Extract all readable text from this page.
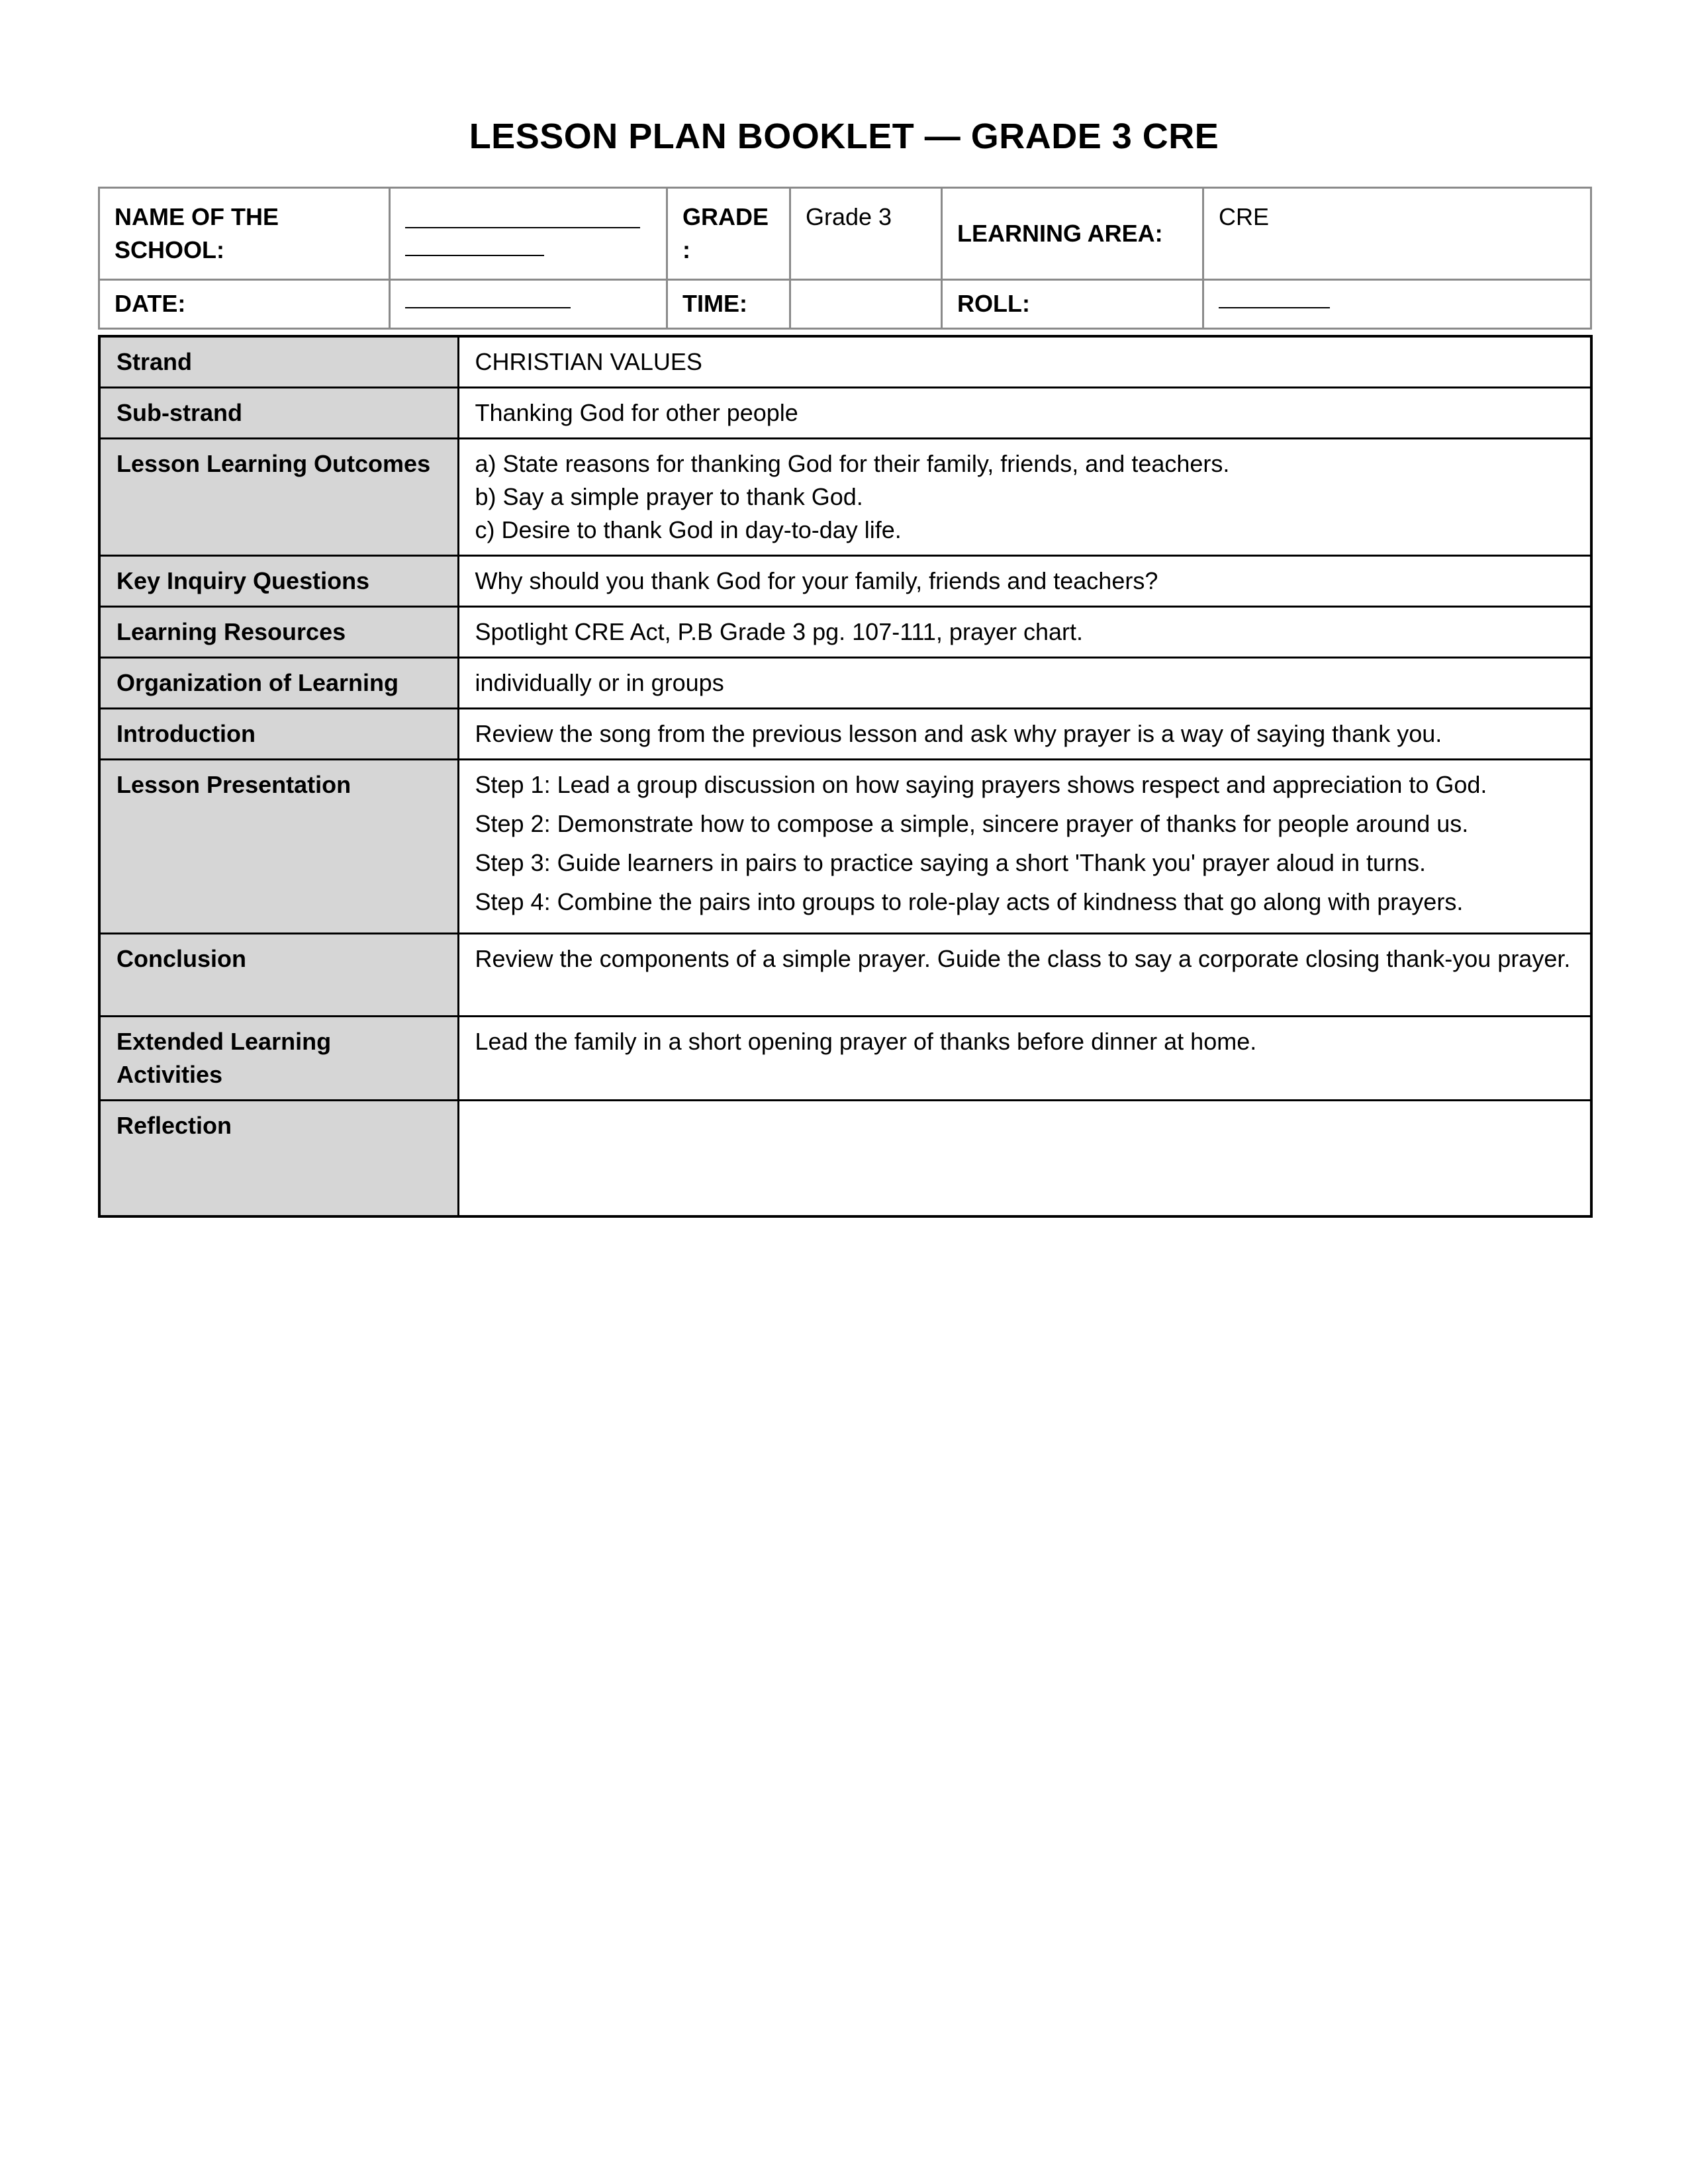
LESSON PLAN BOOKLET — GRADE 3 CRE
NAME OF THE SCHOOL:		GRADE :	Grade 3	LEARNING AREA:	CRE
DATE:		TIME:		ROLL:	
Strand	CHRISTIAN VALUES
Sub-strand	Thanking God for other people
Lesson Learning Outcomes	a) State reasons for thanking God for their family, friends, and teachers.

b) Say a simple prayer to thank God.

c) Desire to thank God in day-to-day life.

Key Inquiry Questions	Why should you thank God for your family, friends and teachers?
Learning Resources	Spotlight CRE Act, P.B Grade 3 pg. 107-111, prayer chart.
Organization of Learning	individually or in groups
Introduction	Review the song from the previous lesson and ask why prayer is a way of saying thank you.
Lesson Presentation	Step 1: Lead a group discussion on how saying prayers shows respect and appreciation to God.

Step 2: Demonstrate how to compose a simple, sincere prayer of thanks for people around us.

Step 3: Guide learners in pairs to practice saying a short 'Thank you' prayer aloud in turns.

Step 4: Combine the pairs into groups to role-play acts of kindness that go along with prayers.

Conclusion	Review the components of a simple prayer. Guide the class to say a corporate closing thank-you prayer.
Extended Learning Activities	Lead the family in a short opening prayer of thanks before dinner at home.
Reflection	
